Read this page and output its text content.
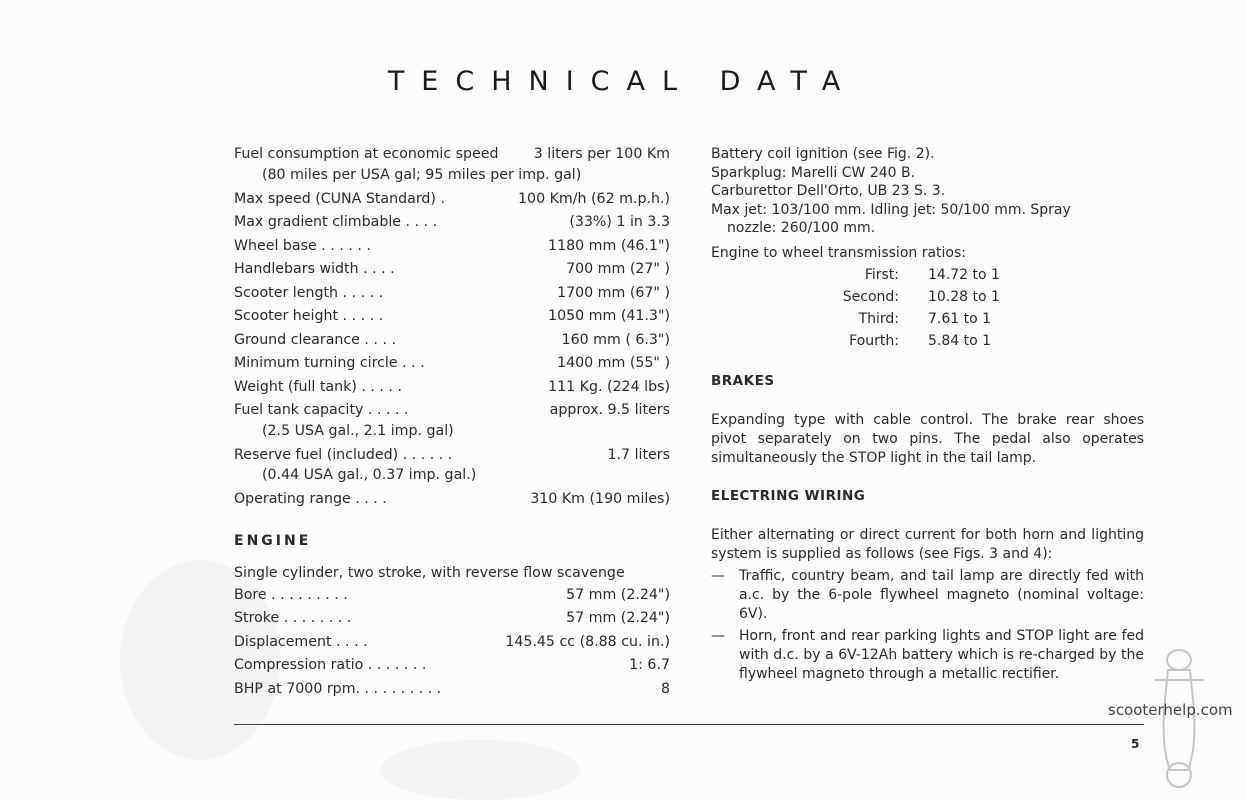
TECHNICAL DATA
Fuel consumption at economic speed 3 liters per 100 Km
(80 miles per USA gal; 95 miles per imp. gal)
Max speed (CUNA Standard) .	100 Km/h (62 m.p.h.)
Max gradient climbable . . . .	(33%) 1 in 3.3
Wheel base . . . . . .	1180 mm (46.1")
Handlebars width . . . .	700 mm (27" )
Scooter length . . . . .	1700 mm (67" )
Scooter height . . . . .	1050 mm (41.3")
Ground clearance . . . .	160 mm ( 6.3")
Minimum turning circle . . .	1400 mm (55" )
Weight (full tank) . . . . .	111 Kg. (224 lbs)
Fuel tank capacity . . . . .	approx. 9.5 liters
(2.5 USA gal., 2.1 imp. gal)
Reserve fuel (included) . . . . . .	1.7 liters
(0.44 USA gal., 0.37 imp. gal.)
Operating range . . . .	310 Km (190 miles)
ENGINE
Single cylinder, two stroke, with reverse flow scavenge
Bore . . . . . . . . .	57 mm (2.24")
Stroke . . . . . . . .	57 mm (2.24")
Displacement . . . .	145.45 cc (8.88 cu. in.)
Compression ratio . . . . . . .	1: 6.7
BHP at 7000 rpm. . . . . . . . . .	8
Battery coil ignition (see Fig. 2).
Sparkplug: Marelli CW 240 B.
Carburettor Dell'Orto, UB 23 S. 3.
Max jet: 103/100 mm. Idling jet: 50/100 mm. Spray
nozzle: 260/100 mm.
Engine to wheel transmission ratios:
First: 14.72 to 1
Second: 10.28 to 1
Third: 7.61 to 1
Fourth: 5.84 to 1
BRAKES
Expanding type with cable control. The brake rear shoes pivot separately on two pins. The pedal also operates simultaneously the STOP light in the tail lamp.
ELECTRING WIRING
Either alternating or direct current for both horn and lighting system is supplied as follows (see Figs. 3 and 4):
— Traffic, country beam, and tail lamp are directly fed with a.c. by the 6-pole flywheel magneto (nominal voltage: 6V).
— Horn, front and rear parking lights and STOP light are fed with d.c. by a 6V-12Ah battery which is re-charged by the flywheel magneto through a metallic rectifier.
5
scooterhelp.com
